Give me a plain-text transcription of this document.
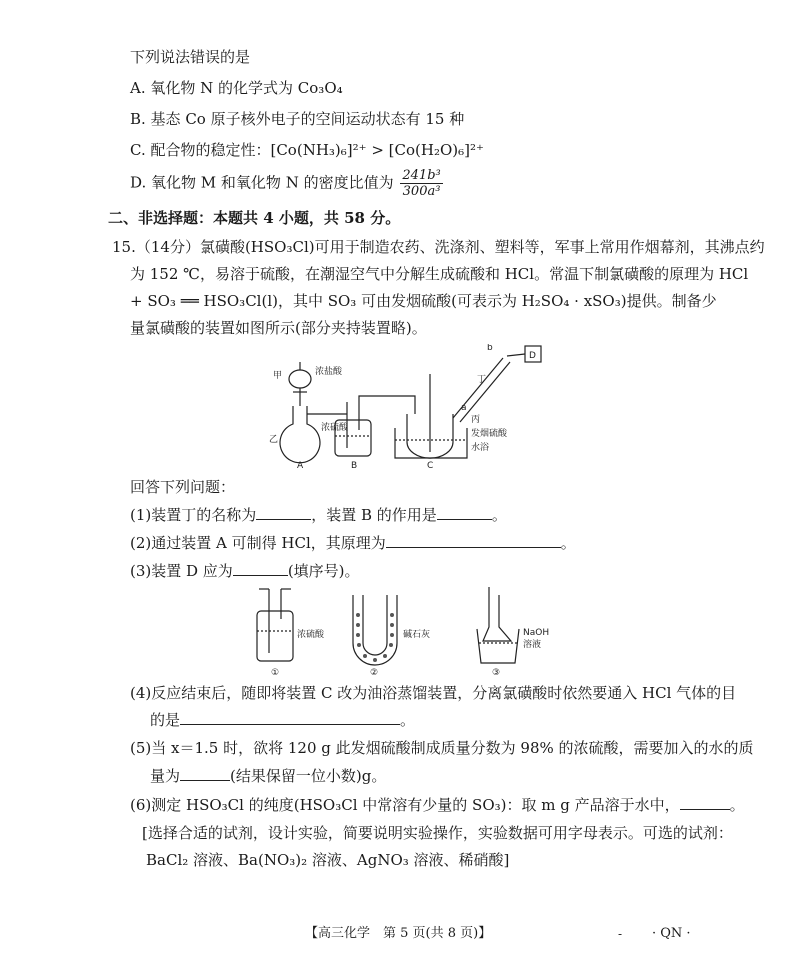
下列说法错误的是
A. 氧化物 N 的化学式为 Co₃O₄
B. 基态 Co 原子核外电子的空间运动状态有 15 种
C. 配合物的稳定性：[Co(NH₃)₆]²⁺ > [Co(H₂O)₆]²⁺
D. 氧化物 M 和氧化物 N 的密度比值为 $\frac{\text{241b³}}{\text{300a³}}$
二、非选择题：本题共 4 小题，共 58 分。
15.（14分）氯磺酸(HSO₃Cl)可用于制造农药、洗涤剂、塑料等，军事上常用作烟幕剂，其沸点约
为 152 ℃，易溶于硫酸，在潮湿空气中分解生成硫酸和 HCl。常温下制氯磺酸的原理为 HCl
+ SO₃ ══ HSO₃Cl(l)，其中 SO₃ 可由发烟硫酸(可表示为 H₂SO₄ · xSO₃)提供。制备少
量氯磺酸的装置如图所示(部分夹持装置略)。
甲	浓盐酸
乙
浓硫酸
b
D
丁
a
丙
发烟硫酸
水浴
A	B	C
回答下列问题：
(1)装置丁的名称为	，装置 B 的作用是	。
(2)通过装置 A 可制得 HCl，其原理为	。
(3)装置 D 应为	(填序号)。
浓硫酸	碱石灰	NaOH
溶液
①	②	③
(4)反应结束后，随即将装置 C 改为油浴蒸馏装置，分离氯磺酸时依然要通入 HCl 气体的目
的是	。
(5)当 x＝1.5 时，欲将 120 g 此发烟硫酸制成质量分数为 98% 的浓硫酸，需要加入的水的质
量为	(结果保留一位小数)g。
(6)测定 HSO₃Cl 的纯度(HSO₃Cl 中常溶有少量的 SO₃)：取 m g 产品溶于水中，	。
[选择合适的试剂，设计实验，简要说明实验操作，实验数据可用字母表示。可选的试剂：
BaCl₂ 溶液、Ba(NO₃)₂ 溶液、AgNO₃ 溶液、稀硝酸]
【高三化学　第 5 页(共 8 页)】	‐ · QN ·
